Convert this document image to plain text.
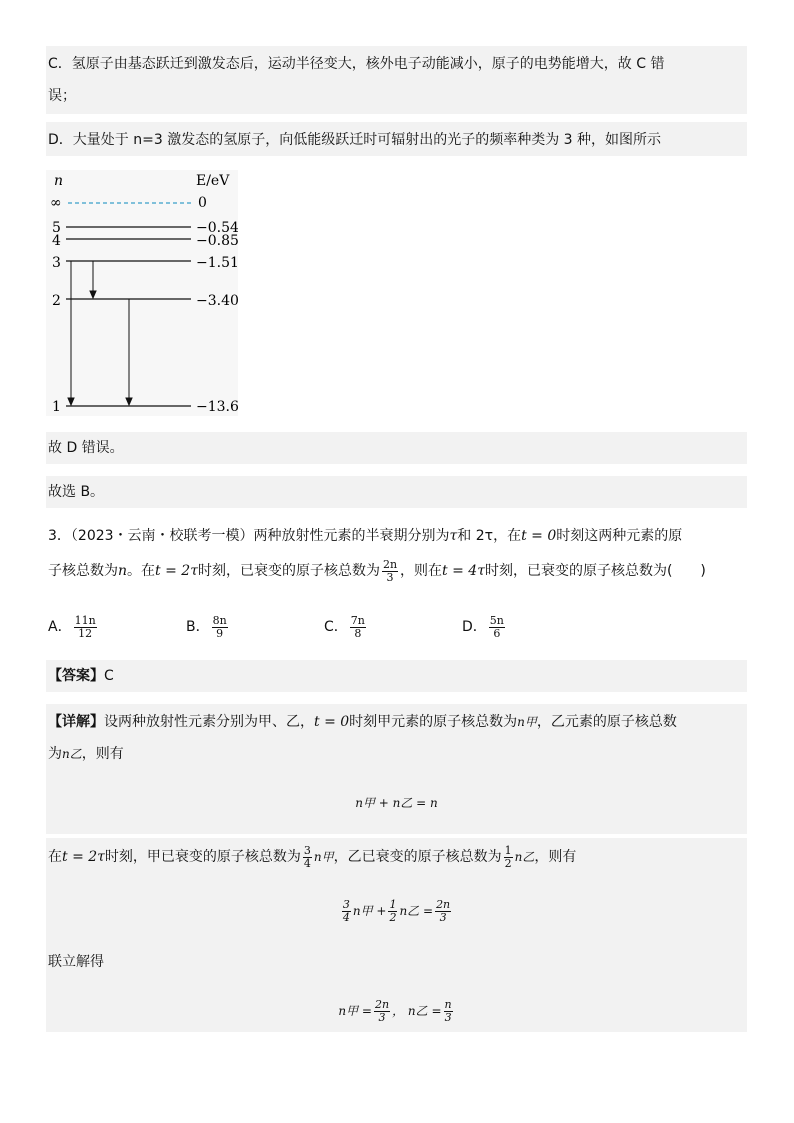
C．氢原子由基态跃迁到激发态后，运动半径变大，核外电子动能减小，原子的电势能增大，故 C 错
误；
D．大量处于 n=3 激发态的氢原子，向低能级跃迁时可辐射出的光子的频率种类为 3 种，如图所示
n	E/eV
∞	0
5	−0.54
4	−0.85
3	−1.51
2	−3.40
1	−13.6
故 D 错误。
故选 B。
3．（2023・云南・校联考一模）两种放射性元素的半衰期分别为τ和 2τ，在t = 0时刻这两种元素的原
子核总数为n。在t = 2τ时刻，已衰变的原子核总数为 $\frac{2n}{3}$ ，则在t = 4τ时刻，已衰变的原子核总数为(　　)
A． $\frac{11n}{12}$	B． $\frac{8n}{9}$	C． $\frac{7n}{8}$	D． $\frac{5n}{6}$
【答案】C
【详解】设两种放射性元素分别为甲、乙，t = 0时刻甲元素的原子核总数为n甲，乙元素的原子核总数
为n乙，则有
n甲 + n乙 = n
在t = 2τ时刻，甲已衰变的原子核总数为 $\frac{3}{4}$ n甲，乙已衰变的原子核总数为 $\frac{1}{2}$ n乙，则有
$\frac{3}{4}$ n甲 + $\frac{1}{2}$ n乙 = $\frac{2n}{3}$
联立解得
n甲 = $\frac{2n}{3}$ ， n乙 = $\frac{n}{3}$
